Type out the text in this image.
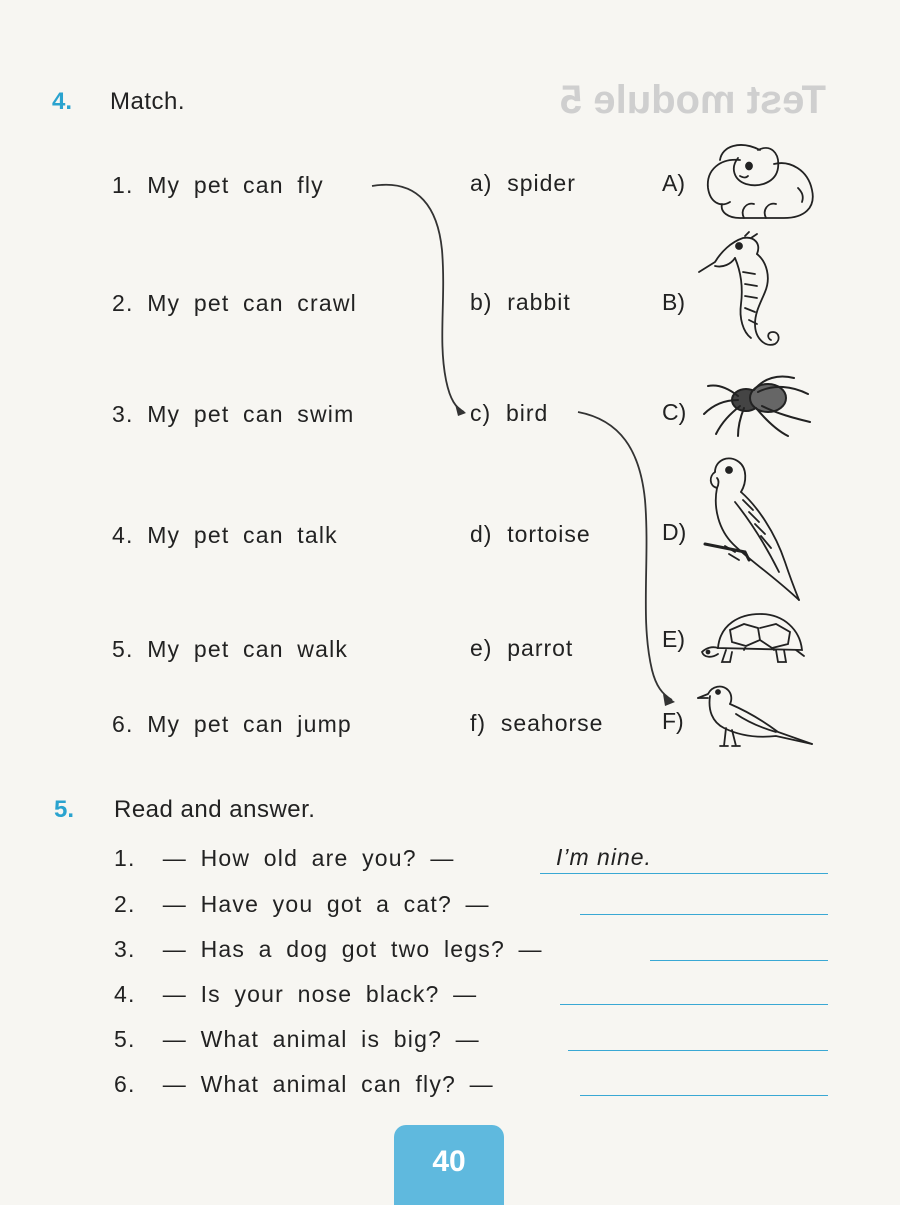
Test module 5
4. Match.
1. My pet can fly
2. My pet can crawl
3. My pet can swim
4. My pet can talk
5. My pet can walk
6. My pet can jump
a) spider
b) rabbit
c) bird
d) tortoise
e) parrot
f) seahorse
A)
B)
C)
D)
E)
F)
5. Read and answer.
1. — How old are you? —	I’m nine.
2. — Have you got a cat? —
3. — Has a dog got two legs? —
4. — Is your nose black? —
5. — What animal is big? —
6. — What animal can fly? —
40
